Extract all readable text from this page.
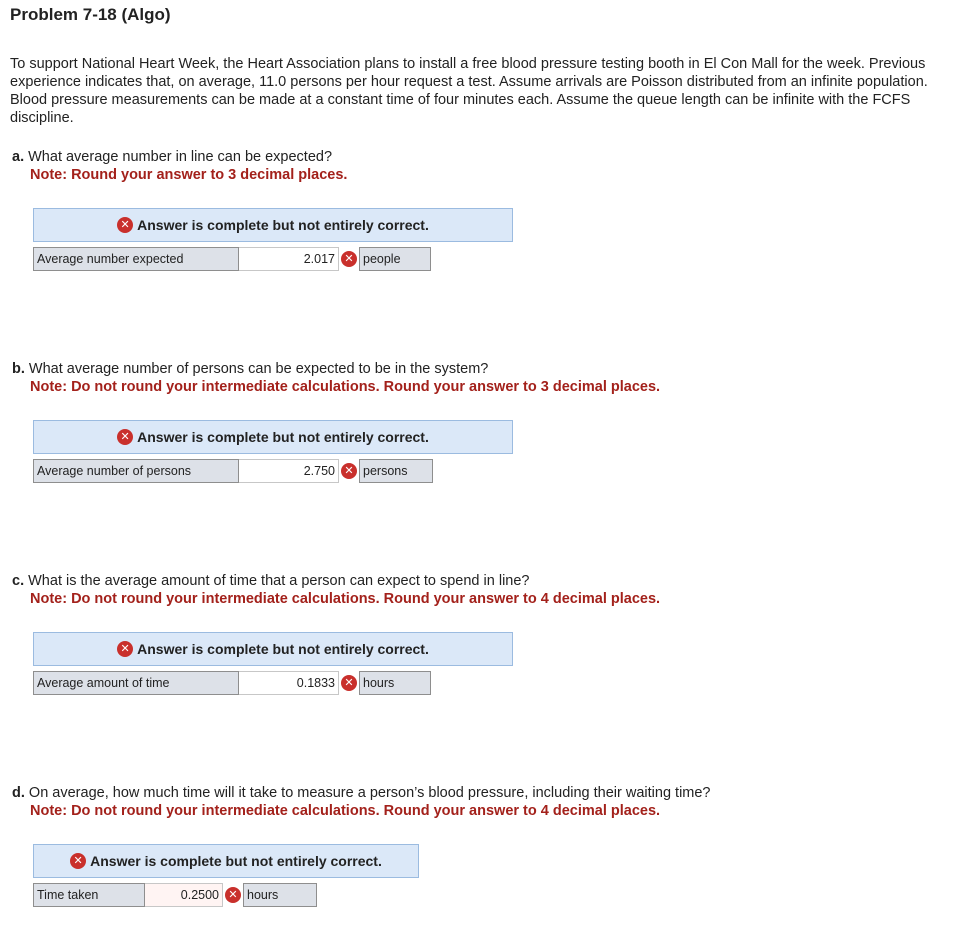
Problem 7-18 (Algo)
To support National Heart Week, the Heart Association plans to install a free blood pressure testing booth in El Con Mall for the week. Previous experience indicates that, on average, 11.0 persons per hour request a test. Assume arrivals are Poisson distributed from an infinite population. Blood pressure measurements can be made at a constant time of four minutes each. Assume the queue length can be infinite with the FCFS discipline.
a. What average number in line can be expected?
Note: Round your answer to 3 decimal places.
✕ Answer is complete but not entirely correct.
Average number expected	2.017 ✕ people
b. What average number of persons can be expected to be in the system?
Note: Do not round your intermediate calculations. Round your answer to 3 decimal places.
✕ Answer is complete but not entirely correct.
Average number of persons	2.750 ✕ persons
c. What is the average amount of time that a person can expect to spend in line?
Note: Do not round your intermediate calculations. Round your answer to 4 decimal places.
✕ Answer is complete but not entirely correct.
Average amount of time	0.1833 ✕ hours
d. On average, how much time will it take to measure a person’s blood pressure, including their waiting time?
Note: Do not round your intermediate calculations. Round your answer to 4 decimal places.
✕ Answer is complete but not entirely correct.
Time taken	0.2500 ✕ hours
